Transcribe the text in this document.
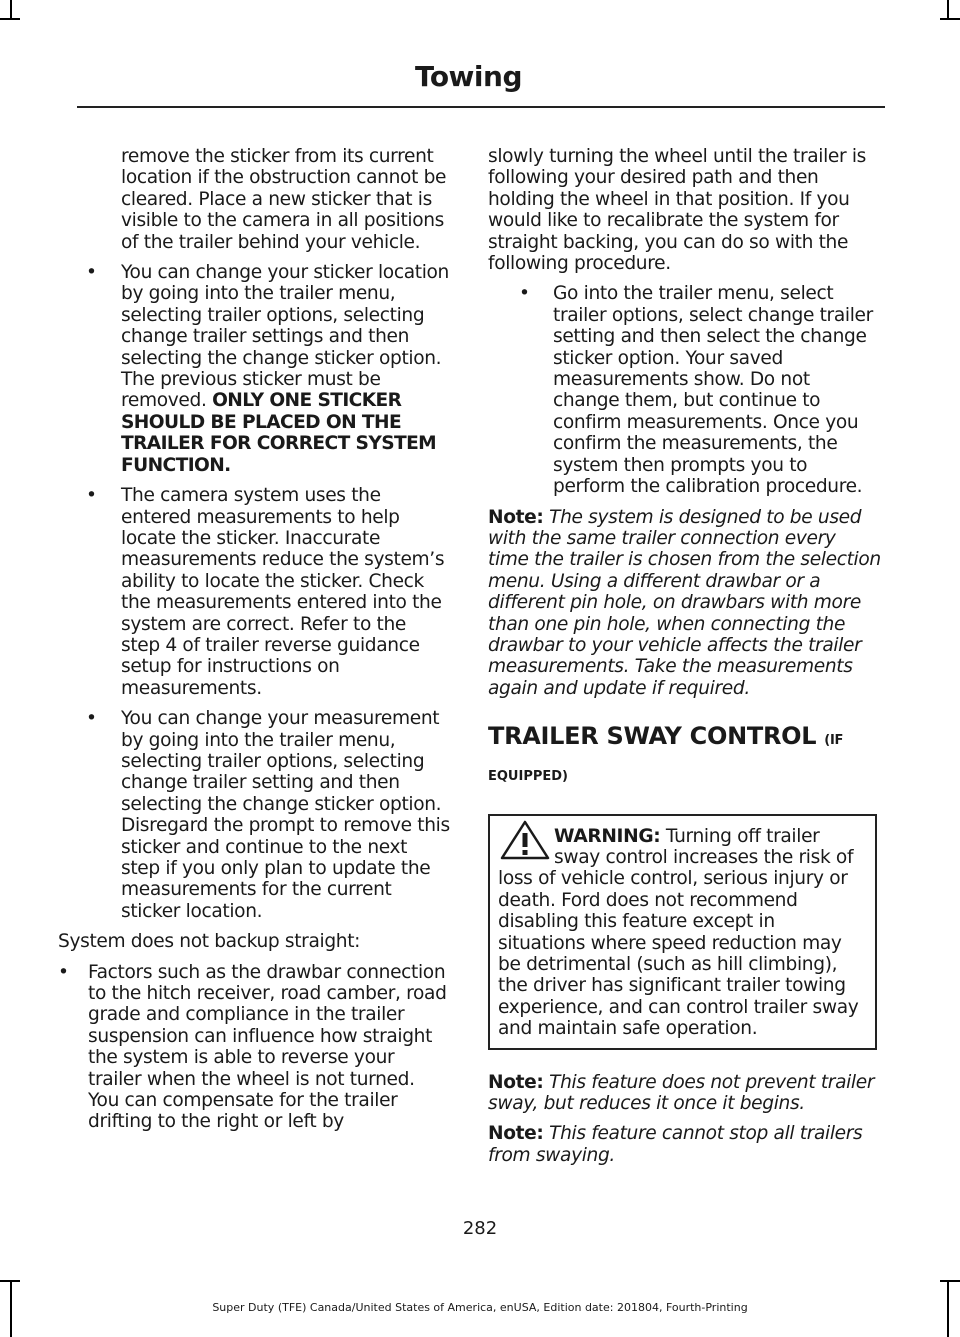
Towing

remove the sticker from its current location if the obstruction cannot be cleared. Place a new sticker that is visible to the camera in all positions of the trailer behind your vehicle.

• You can change your sticker location by going into the trailer menu, selecting trailer options, selecting change trailer settings and then selecting the change sticker option. The previous sticker must be removed. ONLY ONE STICKER SHOULD BE PLACED ON THE TRAILER FOR CORRECT SYSTEM FUNCTION.
• The camera system uses the entered measurements to help locate the sticker. Inaccurate measurements reduce the system’s ability to locate the sticker. Check the measurements entered into the system are correct. Refer to the step 4 of trailer reverse guidance setup for instructions on measurements.
• You can change your measurement by going into the trailer menu, selecting trailer options, selecting change trailer setting and then selecting the change sticker option. Disregard the prompt to remove this sticker and continue to the next step if you only plan to update the measurements for the current sticker location.

System does not backup straight:

• Factors such as the drawbar connection to the hitch receiver, road camber, road grade and compliance in the trailer suspension can influence how straight the system is able to reverse your trailer when the wheel is not turned. You can compensate for the trailer drifting to the right or left by

slowly turning the wheel until the trailer is following your desired path and then holding the wheel in that position. If you would like to recalibrate the system for straight backing, you can do so with the following procedure.

• Go into the trailer menu, select trailer options, select change trailer setting and then select the change sticker option. Your saved measurements show. Do not change them, but continue to confirm measurements. Once you confirm the measurements, the system then prompts you to perform the calibration procedure.

Note: The system is designed to be used with the same trailer connection every time the trailer is chosen from the selection menu. Using a different drawbar or a different pin hole, on drawbars with more than one pin hole, when connecting the drawbar to your vehicle affects the trailer measurements. Take the measurements again and update if required.

TRAILER SWAY CONTROL (IF
EQUIPPED)
WARNING: Turning off trailer sway control increases the risk of loss of vehicle control, serious injury or death. Ford does not recommend disabling this feature except in situations where speed reduction may be detrimental (such as hill climbing), the driver has significant trailer towing experience, and can control trailer sway and maintain safe operation.

Note: This feature does not prevent trailer sway, but reduces it once it begins.

Note: This feature cannot stop all trailers from swaying.

282
Super Duty (TFE) Canada/United States of America, enUSA, Edition date: 201804, Fourth-Printing
